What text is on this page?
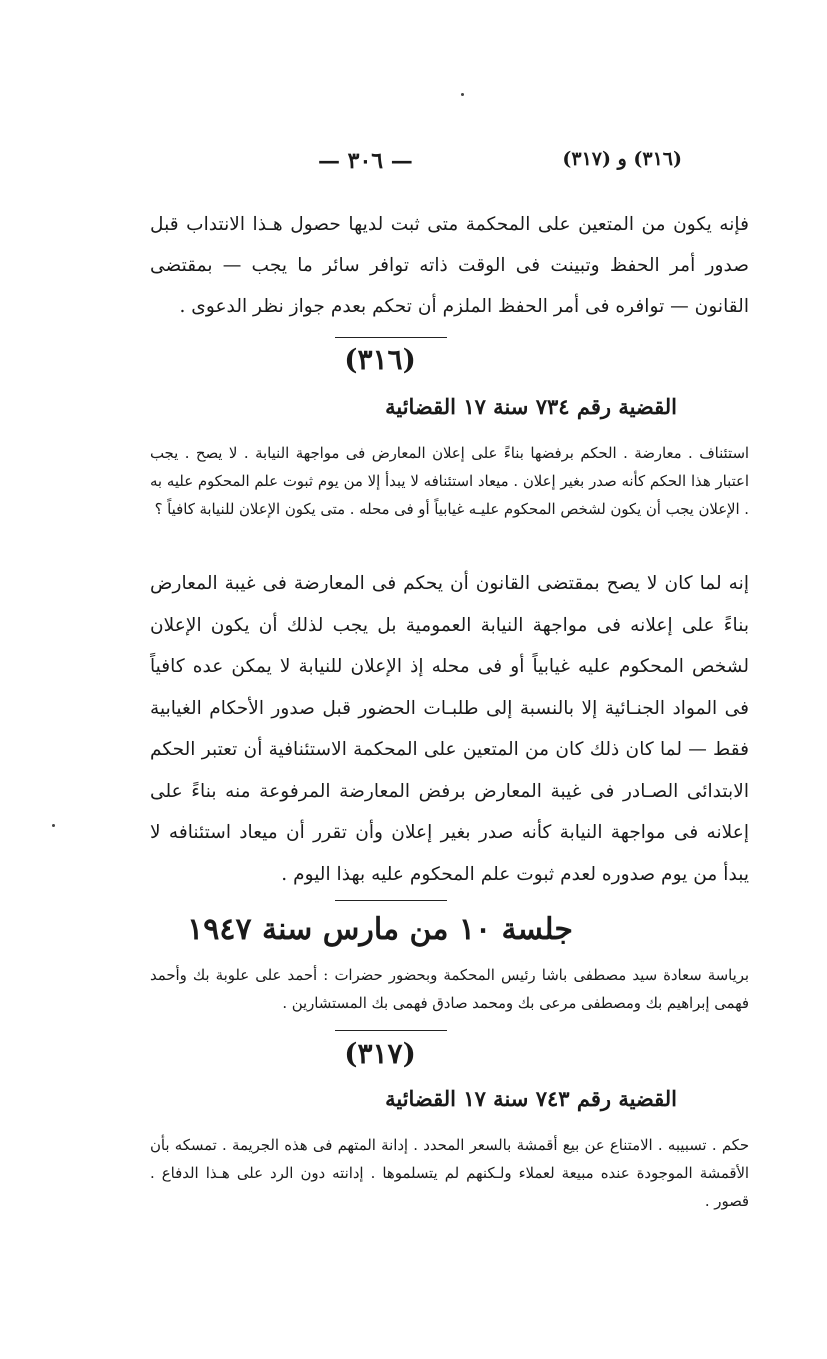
(٣١٦) و (٣١٧)
— ٣٠٦ —

فإنه يكون من المتعين على المحكمة متى ثبت لديها حصول هـذا الانتداب قبل صدور أمر الحفظ وتبينت فى الوقت ذاته توافر سائر ما يجب — بمقتضى القانون — توافره فى أمر الحفظ الملزم أن تحكم بعدم جواز نظر الدعوى .

(٣١٦)
القضية رقم ٧٣٤ سنة ١٧ القضائية

استئناف . معارضة . الحكم برفضها بناءً على إعلان المعارض فى مواجهة النيابة . لا يصح . يجب اعتبار هذا الحكم كأنه صدر بغير إعلان . ميعاد استئنافه لا يبدأ إلا من يوم ثبوت علم المحكوم عليه به . الإعلان يجب أن يكون لشخص المحكوم عليـه غيابياً أو فى محله . متى يكون الإعلان للنيابة كافياً ؟

إنه لما كان لا يصح بمقتضى القانون أن يحكم فى المعارضة فى غيبة المعارض بناءً على إعلانه فى مواجهة النيابة العمومية بل يجب لذلك أن يكون الإعلان لشخص المحكوم عليه غيابياً أو فى محله إذ الإعلان للنيابة لا يمكن عده كافياً فى المواد الجنـائية إلا بالنسبة إلى طلبـات الحضور قبل صدور الأحكام الغيابية فقط — لما كان ذلك كان من المتعين على المحكمة الاستئنافية أن تعتبر الحكم الابتدائى الصـادر فى غيبة المعارض برفض المعارضة المرفوعة منه بناءً على إعلانه فى مواجهة النيابة كأنه صدر بغير إعلان وأن تقرر أن ميعاد استئنافه لا يبدأ من يوم صدوره لعدم ثبوت علم المحكوم عليه بهذا اليوم .

جلسة ١٠ من مارس سنة ١٩٤٧

برياسة سعادة سيد مصطفى باشا رئيس المحكمة وبحضور حضرات : أحمد على علوبة بك وأحمد فهمى إبراهيم بك ومصطفى مرعى بك ومحمد صادق فهمى بك المستشارين .

(٣١٧)
القضية رقم ٧٤٣ سنة ١٧ القضائية

حكم . تسبيبه . الامتناع عن بيع أقمشة بالسعر المحدد . إدانة المتهم فى هذه الجريمة . تمسكه بأن الأقمشة الموجودة عنده مبيعة لعملاء ولـكنهم لم يتسلموها . إدانته دون الرد على هـذا الدفاع . قصور .
